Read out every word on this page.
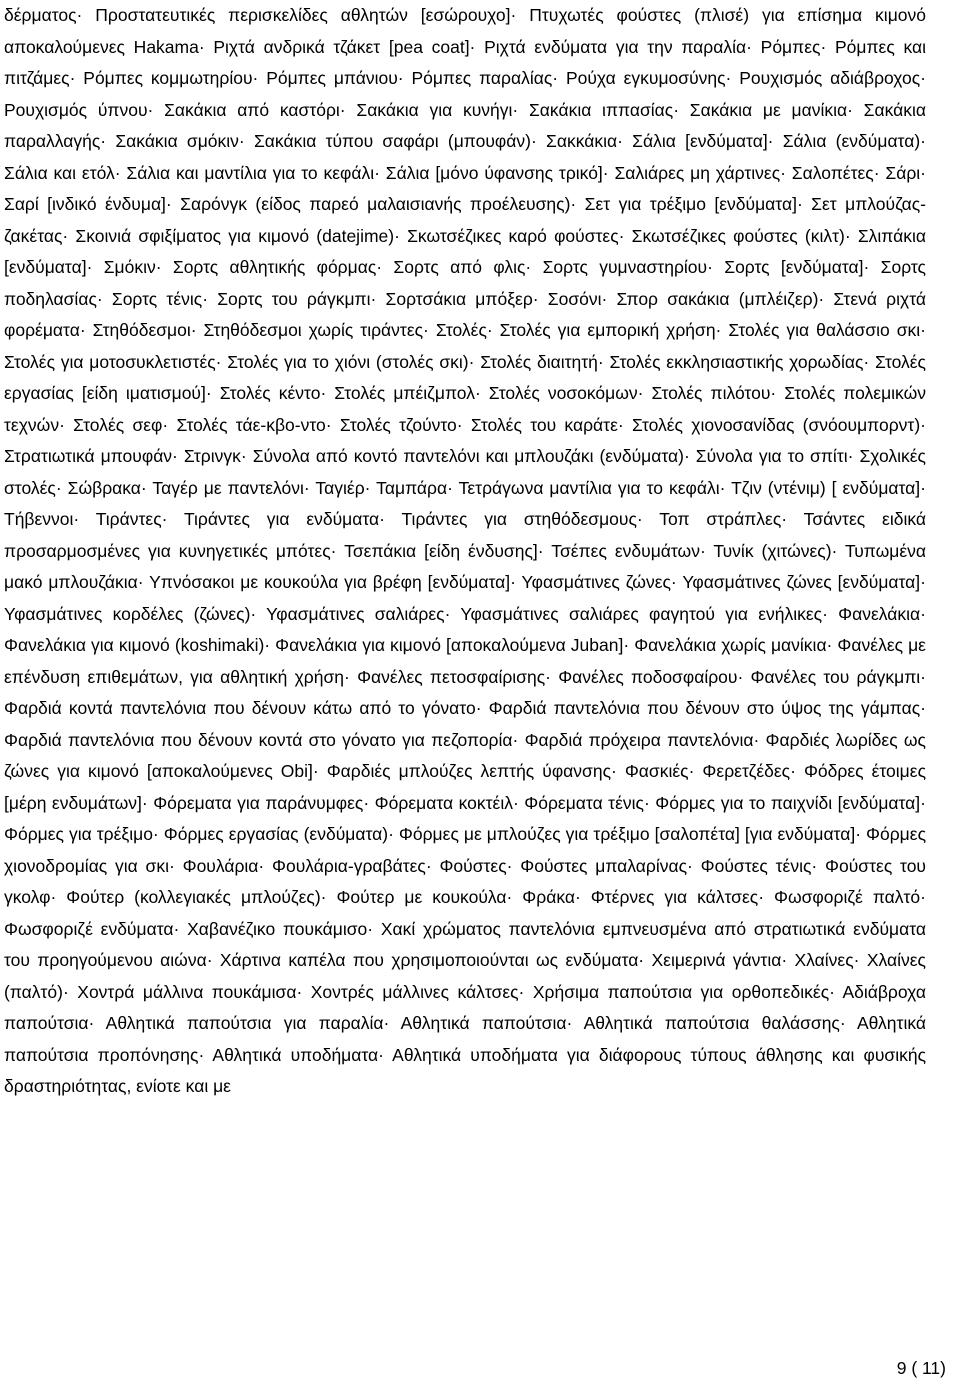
δέρματος· Προστατευτικές περισκελίδες αθλητών [εσώρουχο]· Πτυχωτές φούστες (πλισέ) για επίσημα κιμονό αποκαλούμενες Hakama· Ριχτά ανδρικά τζάκετ [pea coat]· Ριχτά ενδύματα για την παραλία· Ρόμπες· Ρόμπες και πιτζάμες· Ρόμπες κομμωτηρίου· Ρόμπες μπάνιου· Ρόμπες παραλίας· Ρούχα εγκυμοσύνης· Ρουχισμός αδιάβροχος· Ρουχισμός ύπνου· Σακάκια από καστόρι· Σακάκια για κυνήγι· Σακάκια ιππασίας· Σακάκια με μανίκια· Σακάκια παραλλαγής· Σακάκια σμόκιν· Σακάκια τύπου σαφάρι (μπουφάν)· Σακκάκια· Σάλια [ενδύματα]· Σάλια (ενδύματα)· Σάλια και ετόλ· Σάλια και μαντίλια για το κεφάλι· Σάλια [μόνο ύφανσης τρικό]· Σαλιάρες μη χάρτινες· Σαλοπέτες· Σάρι· Σαρί [ινδικό ένδυμα]· Σαρόνγκ (είδος παρεό μαλαισιανής προέλευσης)· Σετ για τρέξιμο [ενδύματα]· Σετ μπλούζας-ζακέτας· Σκοινιά σφιξίματος για κιμονό (datejime)· Σκωτσέζικες καρό φούστες· Σκωτσέζικες φούστες (κιλτ)· Σλιπάκια [ενδύματα]· Σμόκιν· Σορτς αθλητικής φόρμας· Σορτς από φλις· Σορτς γυμναστηρίου· Σορτς [ενδύματα]· Σορτς ποδηλασίας· Σορτς τένις· Σορτς του ράγκμπι· Σορτσάκια μπόξερ· Σοσόνι· Σπορ σακάκια (μπλέιζερ)· Στενά ριχτά φορέματα· Στηθόδεσμοι· Στηθόδεσμοι χωρίς τιράντες· Στολές· Στολές για εμπορική χρήση· Στολές για θαλάσσιο σκι· Στολές για μοτοσυκλετιστές· Στολές για το χιόνι (στολές σκι)· Στολές διαιτητή· Στολές εκκλησιαστικής χορωδίας· Στολές εργασίας [είδη ιματισμού]· Στολές κέντο· Στολές μπέιζμπολ· Στολές νοσοκόμων· Στολές πιλότου· Στολές πολεμικών τεχνών· Στολές σεφ· Στολές τάε-κβο-ντο· Στολές τζούντο· Στολές του καράτε· Στολές χιονοσανίδας (σνόουμπορντ)· Στρατιωτικά μπουφάν· Στρινγκ· Σύνολα από κοντό παντελόνι και μπλουζάκι (ενδύματα)· Σύνολα για το σπίτι· Σχολικές στολές· Σώβρακα· Ταγέρ με παντελόνι· Ταγιέρ· Ταμπάρα· Τετράγωνα μαντίλια για το κεφάλι· Τζιν (ντένιμ) [ ενδύματα]· Τήβεννοι· Τιράντες· Τιράντες για ενδύματα· Τιράντες για στηθόδεσμους· Τοπ στράπλες· Τσάντες ειδικά προσαρμοσμένες για κυνηγετικές μπότες· Τσεπάκια [είδη ένδυσης]· Τσέπες ενδυμάτων· Τυνίκ (χιτώνες)· Τυπωμένα μακό μπλουζάκια· Υπνόσακοι με κουκούλα για βρέφη [ενδύματα]· Υφασμάτινες ζώνες· Υφασμάτινες ζώνες [ενδύματα]· Υφασμάτινες κορδέλες (ζώνες)· Υφασμάτινες σαλιάρες· Υφασμάτινες σαλιάρες φαγητού για ενήλικες· Φανελάκια· Φανελάκια για κιμονό (koshimaki)· Φανελάκια για κιμονό [αποκαλούμενα Juban]· Φανελάκια χωρίς μανίκια· Φανέλες με επένδυση επιθεμάτων, για αθλητική χρήση· Φανέλες πετοσφαίρισης· Φανέλες ποδοσφαίρου· Φανέλες του ράγκμπι· Φαρδιά κοντά παντελόνια που δένουν κάτω από το γόνατο· Φαρδιά παντελόνια που δένουν στο ύψος της γάμπας· Φαρδιά παντελόνια που δένουν κοντά στο γόνατο για πεζοπορία· Φαρδιά πρόχειρα παντελόνια· Φαρδιές λωρίδες ως ζώνες για κιμονό [αποκαλούμενες Obi]· Φαρδιές μπλούζες λεπτής ύφανσης· Φασκιές· Φερετζέδες· Φόδρες έτοιμες [μέρη ενδυμάτων]· Φόρεματα για παράνυμφες· Φόρεματα κοκτέιλ· Φόρεματα τένις· Φόρμες για το παιχνίδι [ενδύματα]· Φόρμες για τρέξιμο· Φόρμες εργασίας (ενδύματα)· Φόρμες με μπλούζες για τρέξιμο [σαλοπέτα] [για ενδύματα]· Φόρμες χιονοδρομίας για σκι· Φουλάρια· Φουλάρια-γραβάτες· Φούστες· Φούστες μπαλαρίνας· Φούστες τένις· Φούστες του γκολφ· Φούτερ (κολλεγιακές μπλούζες)· Φούτερ με κουκούλα· Φράκα· Φτέρνες για κάλτσες· Φωσφοριζέ παλτό· Φωσφοριζέ ενδύματα· Χαβανέζικο πουκάμισο· Χακί χρώματος παντελόνια εμπνευσμένα από στρατιωτικά ενδύματα του προηγούμενου αιώνα· Χάρτινα καπέλα που χρησιμοποιούνται ως ενδύματα· Χειμερινά γάντια· Χλαίνες· Χλαίνες (παλτό)· Χοντρά μάλλινα πουκάμισα· Χοντρές μάλλινες κάλτσες· Χρήσιμα παπούτσια για ορθοπεδικές· Αδιάβροχα παπούτσια· Αθλητικά παπούτσια για παραλία· Αθλητικά παπούτσια· Αθλητικά παπούτσια θαλάσσης· Αθλητικά παπούτσια προπόνησης· Αθλητικά υποδήματα· Αθλητικά υποδήματα για διάφορους τύπους άθλησης και φυσικής δραστηριότητας, ενίοτε και με

9 ( 11)
